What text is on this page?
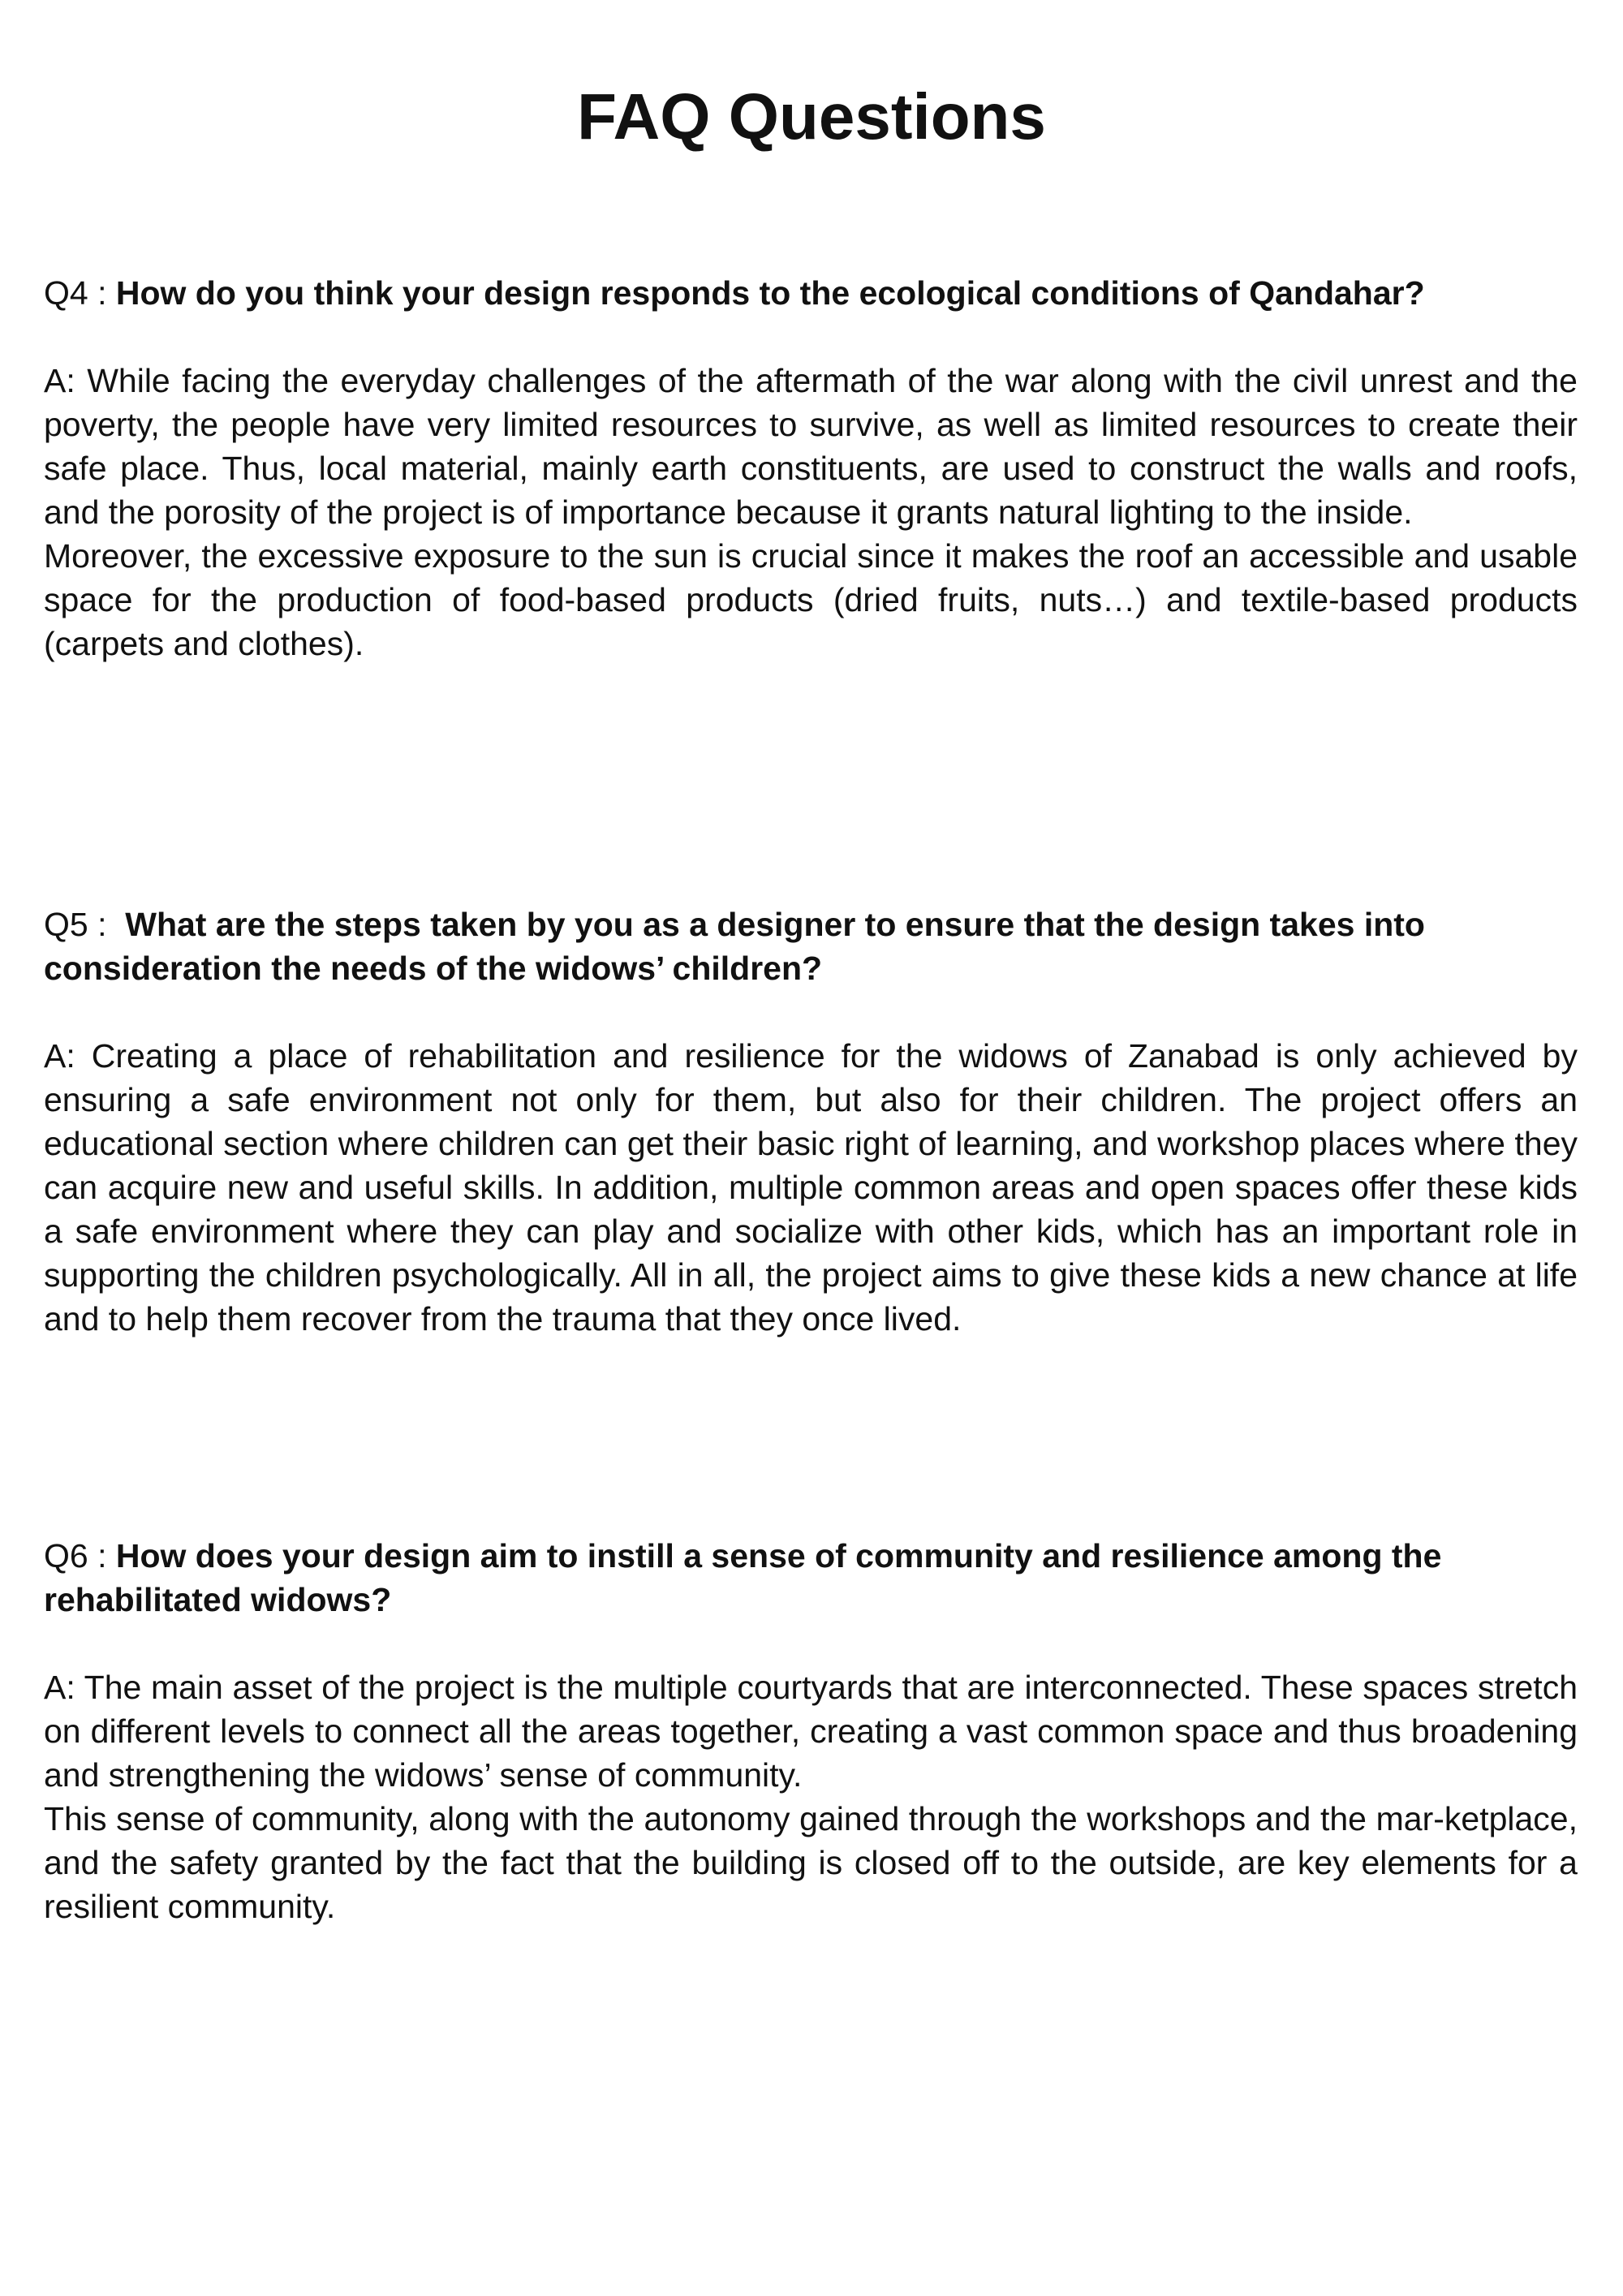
FAQ Questions

Q4 : How do you think your design responds to the ecological conditions of Qandahar?

A: While facing the everyday challenges of the aftermath of the war along with the civil unrest and the poverty, the people have very limited resources to survive, as well as limited resources to create their safe place. Thus, local material, mainly earth constituents, are used to construct the walls and roofs, and the porosity of the project is of importance because it grants natural lighting to the inside.
Moreover, the excessive exposure to the sun is crucial since it makes the roof an accessible and usable space for the production of food-based products (dried fruits, nuts…) and textile-based products (carpets and clothes).

Q5 :  What are the steps taken by you as a designer to ensure that the design takes into consideration the needs of the widows’ children?

A: Creating a place of rehabilitation and resilience for the widows of Zanabad is only achieved by ensuring a safe environment not only for them, but also for their children. The project offers an educational section where children can get their basic right of learning, and workshop places where they can acquire new and useful skills. In addition, multiple common areas and open spaces offer these kids a safe environment where they can play and socialize with other kids, which has an important role in supporting the children psychologically. All in all, the project aims to give these kids a new chance at life and to help them recover from the trauma that they once lived.

Q6 : How does your design aim to instill a sense of community and resilience among the rehabilitated widows?

A: The main asset of the project is the multiple courtyards that are interconnected. These spaces stretch on different levels to connect all the areas together, creating a vast common space and thus broadening and strengthening the widows’ sense of community.
This sense of community, along with the autonomy gained through the workshops and the mar-ketplace, and the safety granted by the fact that the building is closed off to the outside, are key elements for a resilient community.
